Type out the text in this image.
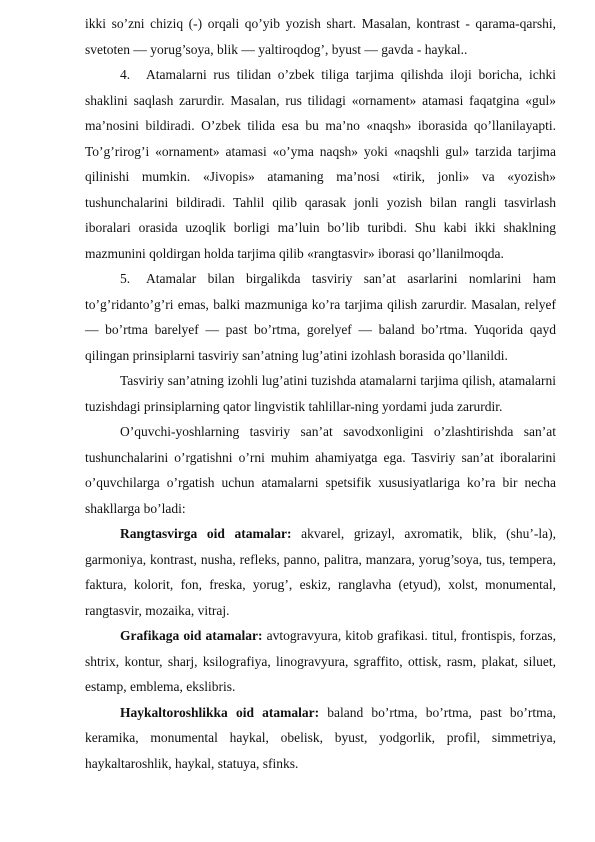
ikki so’zni chiziq (-) orqali qo’yib yozish shart. Masalan, kontrast - qarama-qarshi, svetoten — yorug’soya, blik — yaltiroqdog’, byust — gavda - haykal..

4. Atamalarni rus tilidan o’zbek tiliga tarjima qilishda iloji boricha, ichki shaklini saqlash zarurdir. Masalan, rus tilidagi «ornament» atamasi faqatgina «gul» ma’nosini bildiradi. O’zbek tilida esa bu ma’no «naqsh» iborasida qo’llanilayapti. To’g’rirog’i «ornament» atamasi «o’yma naqsh» yoki «naqshli gul» tarzida tarjima qilinishi mumkin. «Jivopis» atamaning ma’nosi «tirik, jonli» va «yozish» tushunchalarini bildiradi. Tahlil qilib qarasak jonli yozish bilan rangli tasvirlash iboralari orasida uzoqlik borligi ma’luin bo’lib turibdi. Shu kabi ikki shaklning mazmunini qoldirgan holda tarjima qilib «rangtasvir» iborasi qo’llanilmoqda.

5. Atamalar bilan birgalikda tasviriy san’at asarlarini nomlarini ham to’g’ridanto’g’ri emas, balki mazmuniga ko’ra tarjima qilish zarurdir. Masalan, relyef — bo’rtma barelyef — past bo’rtma, gorelyef — baland bo’rtma. Yuqorida qayd qilingan prinsiplarni tasviriy san’atning lug’atini izohlash borasida qo’llanildi.

Tasviriy san’atning izohli lug’atini tuzishda atamalarni tarjima qilish, atamalarni tuzishdagi prinsiplarning qator lingvistik tahlillar-ning yordami juda zarurdir.

O’quvchi-yoshlarning tasviriy san’at savodxonligini o’zlashtirishda san’at tushunchalarini o’rgatishni o’rni muhim ahamiyatga ega. Tasviriy san’at iboralarini o’quvchilarga o’rgatish uchun atamalarni spetsifik xususiyatlariga ko’ra bir necha shakllarga bo’ladi:

Rangtasvirga oid atamalar: akvarel, grizayl, axromatik, blik, (shu’-la), garmoniya, kontrast, nusha, refleks, panno, palitra, manzara, yorug’soya, tus, tempera, faktura, kolorit, fon, freska, yorug’, eskiz, ranglavha (etyud), xolst, monumental, rangtasvir, mozaika, vitraj.

Grafikaga oid atamalar: avtogravyura, kitob grafikasi. titul, frontispis, forzas, shtrix, kontur, sharj, ksilografiya, linogravyura, sgraffito, ottisk, rasm, plakat, siluet, estamp, emblema, ekslibris.

Haykaltoroshlikka oid atamalar: baland bo’rtma, bo’rtma, past bo’rtma, keramika, monumental haykal, obelisk, byust, yodgorlik, profil, simmetriya, haykaltaroshlik, haykal, statuya, sfinks.
